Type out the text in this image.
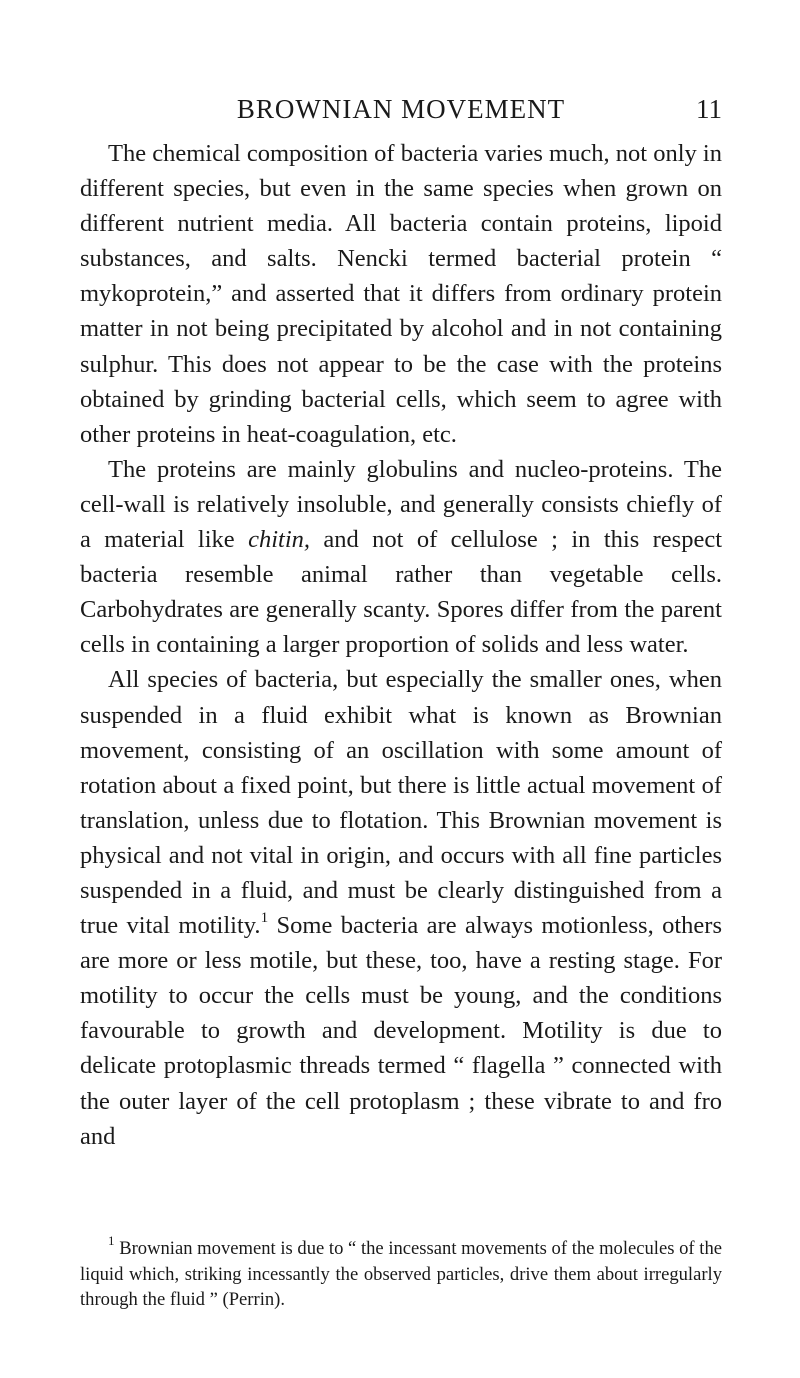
BROWNIAN MOVEMENT	11

The chemical composition of bacteria varies much, not only in different species, but even in the same species when grown on different nutrient media. All bacteria contain proteins, lipoid substances, and salts. Nencki termed bacterial protein “ mykoprotein,” and asserted that it differs from ordinary protein matter in not being precipitated by alcohol and in not containing sulphur. This does not appear to be the case with the proteins obtained by grinding bacterial cells, which seem to agree with other proteins in heat-coagulation, etc.

The proteins are mainly globulins and nucleo-proteins. The cell-wall is relatively insoluble, and generally consists chiefly of a material like chitin, and not of cellulose ; in this respect bacteria resemble animal rather than vegetable cells. Carbohydrates are generally scanty. Spores differ from the parent cells in containing a larger proportion of solids and less water.

All species of bacteria, but especially the smaller ones, when suspended in a fluid exhibit what is known as Brownian movement, consisting of an oscillation with some amount of rotation about a fixed point, but there is little actual movement of translation, unless due to flotation. This Brownian movement is physical and not vital in origin, and occurs with all fine particles suspended in a fluid, and must be clearly distinguished from a true vital motility.$^1$ Some bacteria are always motionless, others are more or less motile, but these, too, have a resting stage. For motility to occur the cells must be young, and the conditions favourable to growth and development. Motility is due to delicate protoplasmic threads termed “ flagella ” connected with the outer layer of the cell protoplasm ; these vibrate to and fro and

$^1$ Brownian movement is due to “ the incessant movements of the molecules of the liquid which, striking incessantly the observed particles, drive them about irregularly through the fluid ” (Perrin).
